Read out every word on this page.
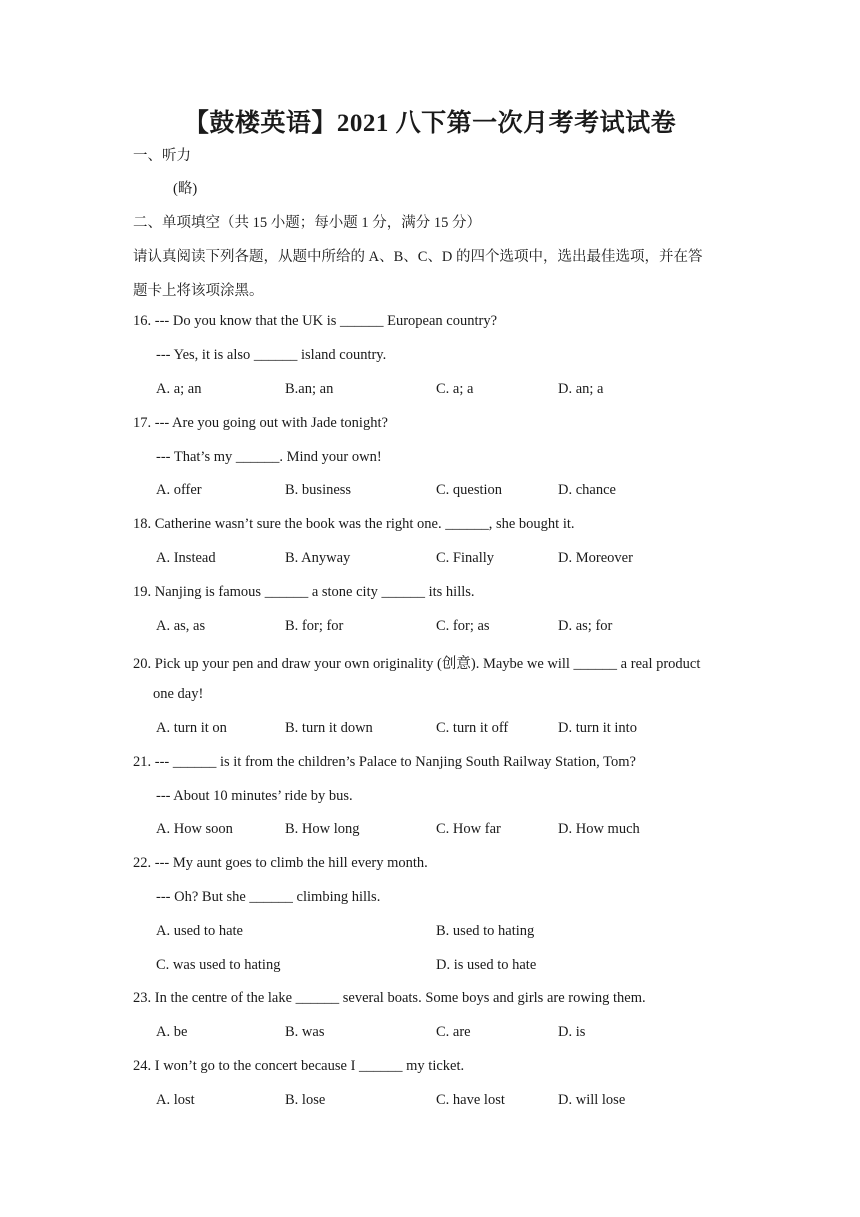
【鼓楼英语】2021 八下第一次月考考试试卷
一、听力
(略)
二、单项填空（共 15 小题；每小题 1 分，满分 15 分）
请认真阅读下列各题，从题中所给的 A、B、C、D 的四个选项中，选出最佳选项，并在答
题卡上将该项涂黑。
16. --- Do you know that the UK is ______ European country?
--- Yes, it is also ______ island country.
A. a; an	B.an; an	C. a; a	D. an; a
17. --- Are you going out with Jade tonight?
--- That’s my ______. Mind your own!
A. offer	B. business	C. question	D. chance
18. Catherine wasn’t sure the book was the right one. ______, she bought it.
A. Instead	B. Anyway	C. Finally	D. Moreover
19. Nanjing is famous ______ a stone city ______ its hills.
A. as, as	B. for; for	C. for; as	D. as; for
20. Pick up your pen and draw your own originality (创意). Maybe we will ______ a real product
one day!
A. turn it on	B. turn it down	C. turn it off	D. turn it into
21. --- ______ is it from the children’s Palace to Nanjing South Railway Station, Tom?
--- About 10 minutes’ ride by bus.
A. How soon	B. How long	C. How far	D. How much
22. --- My aunt goes to climb the hill every month.
--- Oh? But she ______ climbing hills.
A. used to hate	B. used to hating
C. was used to hating	D. is used to hate
23. In the centre of the lake ______ several boats. Some boys and girls are rowing them.
A. be	B. was	C. are	D. is
24. I won’t go to the concert because I ______ my ticket.
A. lost	B. lose	C. have lost	D. will lose
